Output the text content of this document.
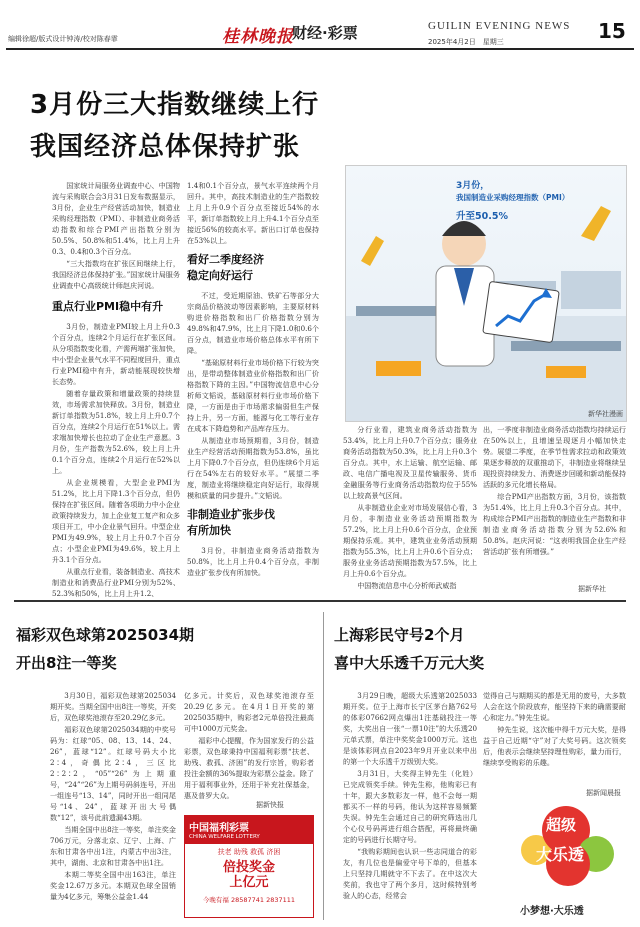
编辑徐超/版式设计钟涛/校对陈春霏	桂林晚报
财经·彩票	GUILIN EVENING NEWS
2025年4月2日　星期三	15
3月份三大指数继续上行
我国经济总体保持扩张

国家统计局服务业调查中心、中国物流与采购联合会3月31日发布数据显示，3月份，企业生产经营活动加快，制造业采购经理指数（PMI）、非制造业商务活动指数和综合PMI产出指数分别为50.5%、50.8%和51.4%，比上月上升0.3、0.4和0.3个百分点。

“三大指数均在扩张区间继续上行，我国经济总体保持扩张。”国家统计局服务业调查中心高级统计师赵庆河说。

重点行业PMI稳中有升

3月份，制造业PMI较上月上升0.3个百分点，连续2个月运行在扩张区间。从分项指数变化看，产需两端扩张加快，中小型企业景气水平不同程度回升，重点行业PMI稳中有升，新动能展现较快增长态势。

随着存量政策和增量政策的持续显效，市场需求加快释放。3月份，制造业新订单指数为51.8%，较上月上升0.7个百分点，连续2个月运行在51%以上。需求端加快增长也拉动了企业生产意愿。3月份，生产指数为52.6%，较上月上升0.1个百分点，连续2个月运行在52%以上。

从企业规模看，大型企业PMI为51.2%，比上月下降1.3个百分点，但仍保持在扩张区间。随着各项助力中小企业政策持续发力，加上企业复工复产和众多项目开工，中小企业景气回升。中型企业PMI为49.9%，较上月上升0.7个百分点；小型企业PMI为49.6%，较上月上升3.1个百分点。

从重点行业看，装备制造业、高技术制造业和消费品行业PMI分别为52%、52.3%和50%，比上月上升1.2、

1.4和0.1个百分点，景气水平连续两个月回升。其中，高技术制造业的生产指数较上月上升0.9个百分点至接近54%的水平，新订单指数较上月上升4.1个百分点至接近56%的较高水平。新出口订单也保持在53%以上。

看好二季度经济
稳定向好运行

不过，受近期原油、铁矿石等部分大宗商品价格波动等因素影响，主要原材料购进价格指数和出厂价格指数分别为49.8%和47.9%，比上月下降1.0和0.6个百分点，制造业市场价格总体水平有所下降。

“基础原材料行业市场价格下行较为突出，是带动整体制造业价格指数和出厂价格指数下降的主因。”中国物流信息中心分析师文韬说，基础原材料行业市场价格下降，一方面是由于市场需求偏弱但生产保持上升，另一方面，能源与化工等行业存在成本下降趋势和产品库存压力。

从制造业市场预期看，3月份，制造业生产经营活动预期指数为53.8%，虽比上月下降0.7个百分点，但仍连续6个月运行在54%左右的较好水平。“展望二季度，制造业将继续稳定向好运行，取得规模和质量的同步提升。”文韬说。

非制造业扩张步伐
有所加快

3月份，非制造业商务活动指数为50.8%，比上月上升0.4个百分点，非制造业扩张步伐有所加快。

3月份，
我国制造业采购经理指数（PMI）
升至50.5%
新华社漫画

分行业看，建筑业商务活动指数为53.4%，比上月上升0.7个百分点；服务业商务活动指数为50.3%，比上月上升0.3个百分点。其中，水上运输、航空运输、邮政、电信广播电视及卫星传输服务、货币金融服务等行业商务活动指数均位于55%以上较高景气区间。

从非制造业企业对市场发展信心看，3月份，非制造业业务活动预期指数为57.2%，比上月上升0.6个百分点，企业预期保持乐观。其中，建筑业业务活动预期指数为55.3%，比上月上升0.6个百分点；服务业业务活动预期指数为57.5%，比上月上升0.6个百分点。

中国物流信息中心分析师武威指

出，一季度非制造业商务活动指数均持续运行在50%以上，且增速呈现逐月小幅加快走势。展望二季度，在季节性需求拉动和政策效果逐步释放的双重推动下，非制造业将继续呈现投资持续发力、消费逐步回暖和新动能保持活跃的多元化增长格局。

综合PMI产出指数方面，3月份，该指数为51.4%，比上月上升0.3个百分点。其中，构成综合PMI产出指数的制造业生产指数和非制造业商务活动指数分别为52.6%和50.8%。赵庆河说：“这表明我国企业生产经营活动扩张有所增强。”

据新华社
福彩双色球第2025034期
开出8注一等奖

3月30日，福彩双色球第2025034期开奖。当期全国中出8注一等奖，开奖后，双色球奖池滚存至20.29亿多元。

福彩双色球第2025034期的中奖号码为：红球“05、08、13、14、24、26”，蓝球“12”。红球号码大小比2∶4，奇偶比2∶4，三区比2∶2∶2，“05”“26”为上期重号，“24”“26”为上期号码斜连号，开出一组连号“13、14”，同时开出一组同尾号“14、24”，蓝球开出大号偶数“12”，该号此前遗漏43期。

当期全国中出8注一等奖，单注奖金706万元，分落北京、辽宁、上海、广东和甘肃各中出1注，内蒙古中出3注，其中，湖南、北京和甘肃各中出1注。

本期二等奖全国中出163注，单注奖金12.67万多元。本期双色球全国销量为4亿多元，筹集公益金1.44

亿多元。计奖后，双色球奖池滚存至20.29亿多元。在4月1日开奖的第2025035期中，购彩者2元单倍投注最高可中1000万元奖金。

福彩中心提醒，作为国家发行的公益彩票，双色球秉持中国福利彩票“扶老、助残、救孤、济困”的发行宗旨，购彩者投注金额的36%提取为彩票公益金。除了用于福利事业外，还用于补充社保基金，惠及普罗大众。

据新快报
中国福利彩票
CHINA WELFARE LOTTERY
扶老 助残 救孤 济困
倍投奖金
上亿元
今晚有福 28587741 2837111
上海彩民守号2个月
喜中大乐透千万元大奖

3月29日晚，超级大乐透第2025033期开奖。位于上海市长宁区茅台路762号的体彩07662网点爆出1注基础投注一等奖，大奖出自一张“一票10注”的大乐透20元单式票，单注中奖奖金1000万元。这也是该体彩网点自2023年9月开业以来中出的第一个大乐透千万级别大奖。

3月31日，大奖得主钟先生（化姓）已完成领奖手续。钟先生称，他购彩已有十年，跟大多数彩友一样，他不会每一期都买不一样的号码，他认为这样容易频繁失误。钟先生会通过自己的研究筛选出几个心仪号码再进行组合搭配，再将最终确定的号码进行长期守号。

“我购彩期间也认识一些志同道合的彩友，有几位也是偏爱守号下单的，但基本上只坚持几期就守不下去了。在中这次大奖前，我也守了两个多月，这时候特别考验人的心态，经常会

觉得自己与期期买的都是无用的废号，大多数人会在这个阶段放弃，能坚持下来的确需要耐心和定力。”钟先生说。

钟先生说，这次能中得千万元大奖，是得益于自己近期“守”对了大奖号码。这次领奖后，他表示会继续坚持理性购彩，量力而行，继续享受购彩的乐趣。

据新闻晨报
超级
大乐透
小梦想·大乐透
